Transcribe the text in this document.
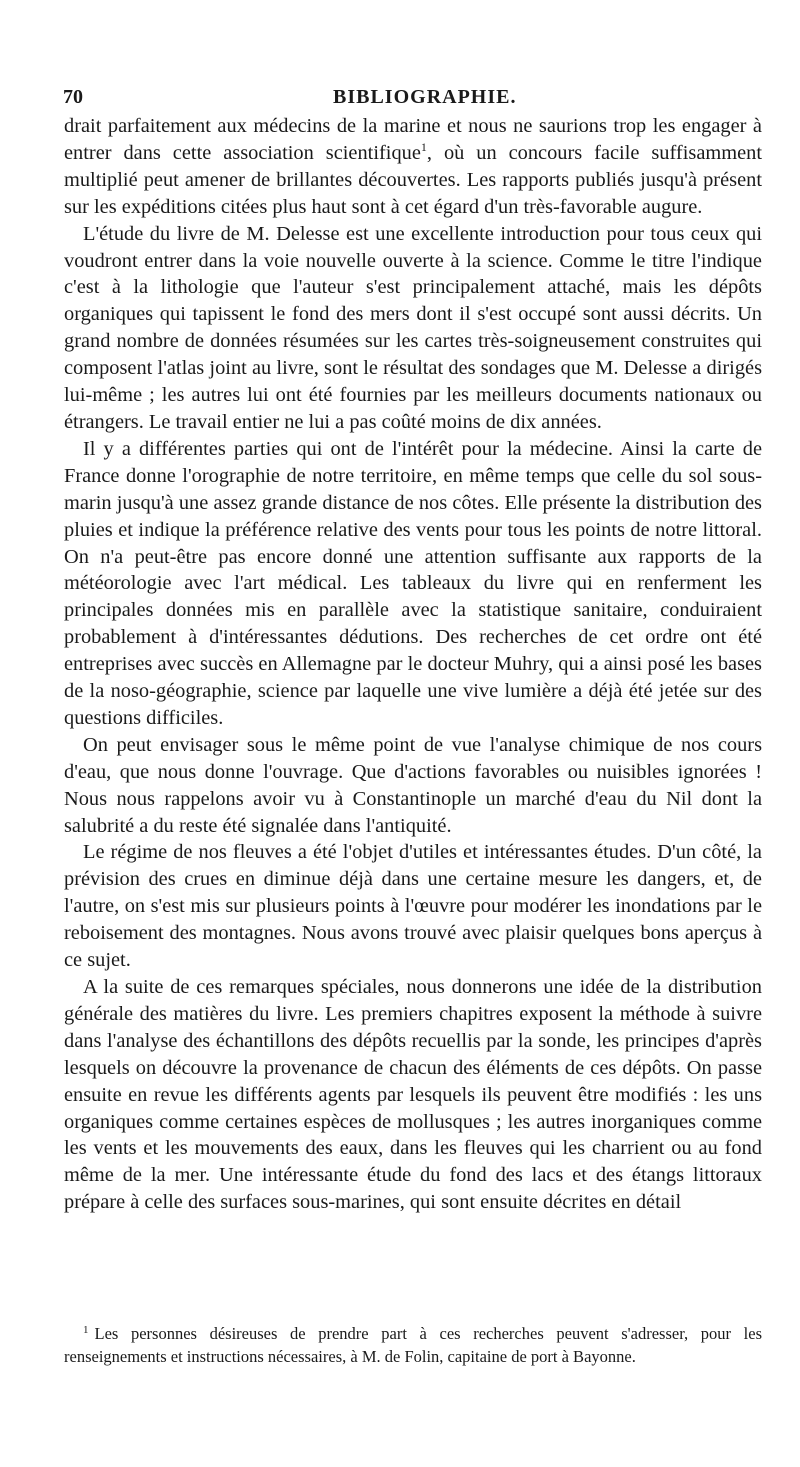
70	BIBLIOGRAPHIE.

drait parfaitement aux médecins de la marine et nous ne saurions trop les engager à entrer dans cette association scientifique$^1$, où un concours facile suffisamment multiplié peut amener de brillantes découvertes. Les rapports publiés jusqu'à présent sur les expéditions citées plus haut sont à cet égard d'un très-favorable augure.

L'étude du livre de M. Delesse est une excellente introduction pour tous ceux qui voudront entrer dans la voie nouvelle ouverte à la science. Comme le titre l'indique c'est à la lithologie que l'auteur s'est principalement attaché, mais les dépôts organiques qui tapissent le fond des mers dont il s'est occupé sont aussi décrits. Un grand nombre de données résumées sur les cartes très-soigneusement construites qui composent l'atlas joint au livre, sont le résultat des sondages que M. Delesse a dirigés lui-même ; les autres lui ont été fournies par les meilleurs documents nationaux ou étrangers. Le travail entier ne lui a pas coûté moins de dix années.

Il y a différentes parties qui ont de l'intérêt pour la médecine. Ainsi la carte de France donne l'orographie de notre territoire, en même temps que celle du sol sous-marin jusqu'à une assez grande distance de nos côtes. Elle présente la distribution des pluies et indique la préférence relative des vents pour tous les points de notre littoral. On n'a peut-être pas encore donné une attention suffisante aux rapports de la météorologie avec l'art médical. Les tableaux du livre qui en renferment les principales données mis en parallèle avec la statistique sanitaire, conduiraient probablement à d'intéressantes dédutions. Des recherches de cet ordre ont été entreprises avec succès en Allemagne par le docteur Muhry, qui a ainsi posé les bases de la noso-géographie, science par laquelle une vive lumière a déjà été jetée sur des questions difficiles.

On peut envisager sous le même point de vue l'analyse chimique de nos cours d'eau, que nous donne l'ouvrage. Que d'actions favorables ou nuisibles ignorées ! Nous nous rappelons avoir vu à Constantinople un marché d'eau du Nil dont la salubrité a du reste été signalée dans l'antiquité.

Le régime de nos fleuves a été l'objet d'utiles et intéressantes études. D'un côté, la prévision des crues en diminue déjà dans une certaine mesure les dangers, et, de l'autre, on s'est mis sur plusieurs points à l'œuvre pour modérer les inondations par le reboisement des montagnes. Nous avons trouvé avec plaisir quelques bons aperçus à ce sujet.

A la suite de ces remarques spéciales, nous donnerons une idée de la distribution générale des matières du livre. Les premiers chapitres exposent la méthode à suivre dans l'analyse des échantillons des dépôts recuellis par la sonde, les principes d'après lesquels on découvre la provenance de chacun des éléments de ces dépôts. On passe ensuite en revue les différents agents par lesquels ils peuvent être modifiés : les uns organiques comme certaines espèces de mollusques ; les autres inorganiques comme les vents et les mouvements des eaux, dans les fleuves qui les charrient ou au fond même de la mer. Une intéressante étude du fond des lacs et des étangs littoraux prépare à celle des surfaces sous-marines, qui sont ensuite décrites en détail

$^1$ Les personnes désireuses de prendre part à ces recherches peuvent s'adresser, pour les renseignements et instructions nécessaires, à M. de Folin, capitaine de port à Bayonne.
